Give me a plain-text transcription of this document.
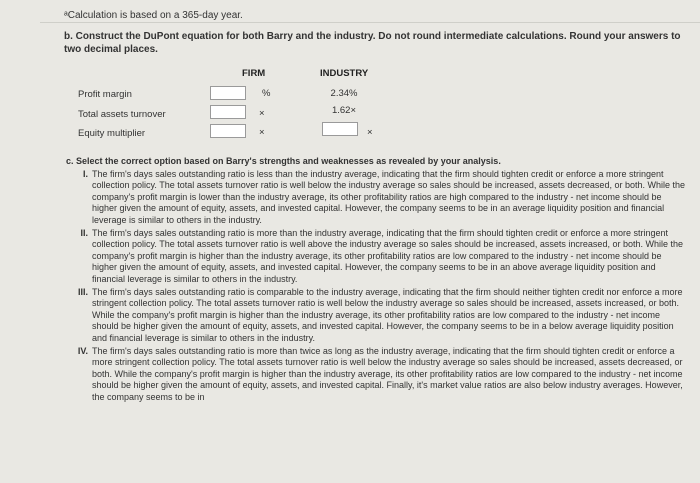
ᵃCalculation is based on a 365-day year.
b. Construct the DuPont equation for both Barry and the industry. Do not round intermediate calculations. Round your answers to two decimal places.
FIRM	INDUSTRY
Profit margin	%	2.34%
Total assets turnover	×	1.62×
Equity multiplier	×	×
c. Select the correct option based on Barry's strengths and weaknesses as revealed by your analysis.
I. The firm's days sales outstanding ratio is less than the industry average, indicating that the firm should tighten credit or enforce a more stringent collection policy. The total assets turnover ratio is well below the industry average so sales should be increased, assets decreased, or both. While the company's profit margin is lower than the industry average, its other profitability ratios are high compared to the industry - net income should be higher given the amount of equity, assets, and invested capital. However, the company seems to be in an average liquidity position and financial leverage is similar to others in the industry.
II. The firm's days sales outstanding ratio is more than the industry average, indicating that the firm should tighten credit or enforce a more stringent collection policy. The total assets turnover ratio is well above the industry average so sales should be increased, assets increased, or both. While the company's profit margin is higher than the industry average, its other profitability ratios are low compared to the industry - net income should be higher given the amount of equity, assets, and invested capital. However, the company seems to be in an above average liquidity position and financial leverage is similar to others in the industry.
III. The firm's days sales outstanding ratio is comparable to the industry average, indicating that the firm should neither tighten credit nor enforce a more stringent collection policy. The total assets turnover ratio is well below the industry average so sales should be increased, assets increased, or both. While the company's profit margin is higher than the industry average, its other profitability ratios are low compared to the industry - net income should be higher given the amount of equity, assets, and invested capital. However, the company seems to be in a below average liquidity position and financial leverage is similar to others in the industry.
IV. The firm's days sales outstanding ratio is more than twice as long as the industry average, indicating that the firm should tighten credit or enforce a more stringent collection policy. The total assets turnover ratio is well below the industry average so sales should be increased, assets decreased, or both. While the company's profit margin is higher than the industry average, its other profitability ratios are low compared to the industry - net income should be higher given the amount of equity, assets, and invested capital. Finally, it's market value ratios are also below industry averages. However, the company seems to be in
